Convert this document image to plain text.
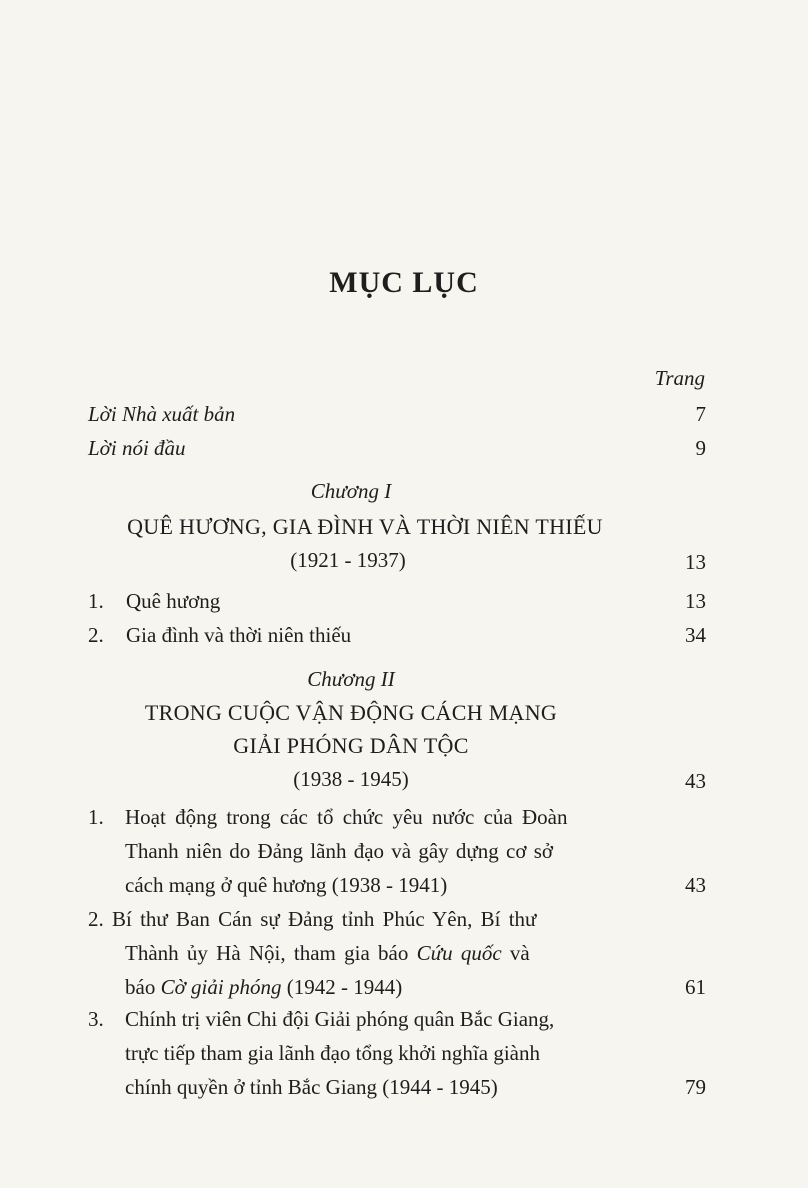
MỤC LỤC
Trang
Lời Nhà xuất bản	7
Lời nói đầu	9
Chương I
QUÊ HƯƠNG, GIA ĐÌNH VÀ THỜI NIÊN THIẾU
(1921 - 1937)	13
1. Quê hương	13
2. Gia đình và thời niên thiếu	34
Chương II
TRONG CUỘC VẬN ĐỘNG CÁCH MẠNG
GIẢI PHÓNG DÂN TỘC
(1938 - 1945)	43
1. Hoạt động trong các tổ chức yêu nước của Đoàn
Thanh niên do Đảng lãnh đạo và gây dựng cơ sở
cách mạng ở quê hương (1938 - 1941)	43
2. Bí thư Ban Cán sự Đảng tỉnh Phúc Yên, Bí thư
Thành ủy Hà Nội, tham gia báo Cứu quốc và
báo Cờ giải phóng (1942 - 1944)	61
3. Chính trị viên Chi đội Giải phóng quân Bắc Giang,
trực tiếp tham gia lãnh đạo tổng khởi nghĩa giành
chính quyền ở tỉnh Bắc Giang (1944 - 1945)	79
